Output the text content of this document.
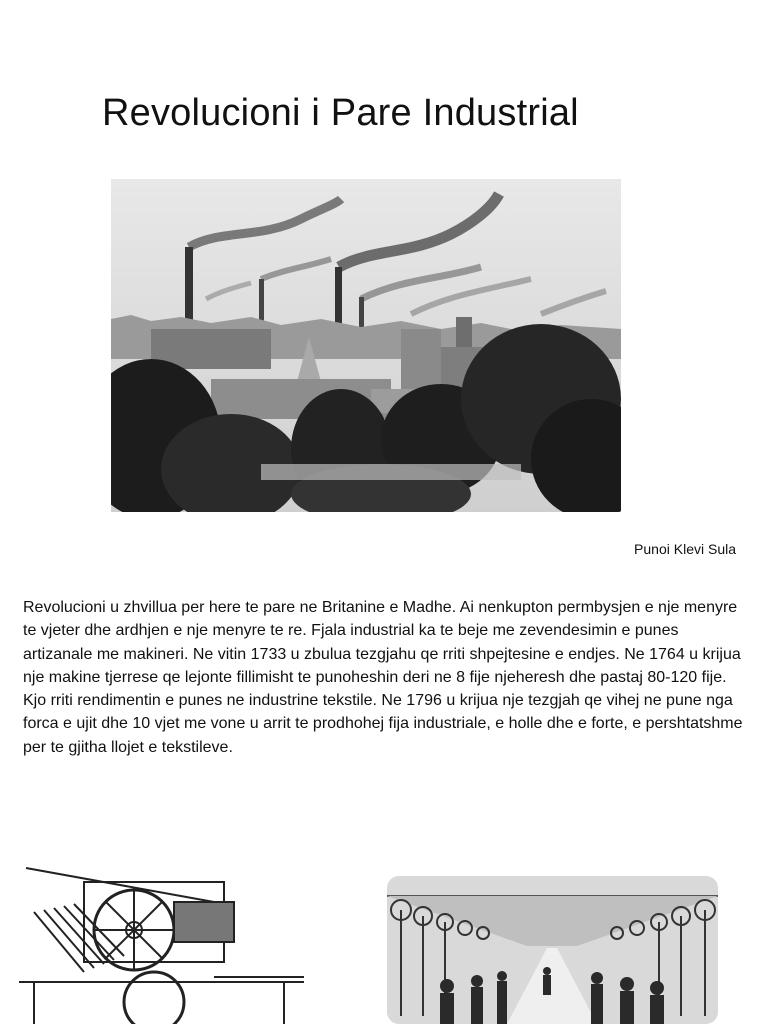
Revolucioni i Pare Industrial
Punoi Klevi Sula
Revolucioni u zhvillua per here te pare ne Britanine e Madhe. Ai nenkupton permbysjen e nje menyre te vjeter dhe ardhjen e nje menyre te re. Fjala industrial ka te beje me zevendesimin e punes artizanale me makineri. Ne vitin 1733 u zbulua tezgjahu qe rriti shpejtesine e endjes. Ne 1764 u krijua nje makine tjerrese qe lejonte fillimisht te punoheshin deri ne 8 fije njeheresh dhe pastaj 80-120 fije. Kjo rriti rendimentin e punes ne industrine tekstile. Ne 1796 u krijua nje tezgjah qe vihej ne pune nga forca e ujit dhe 10 vjet me vone u arrit te prodhohej fija industriale, e holle dhe e forte, e pershtatshme per te gjitha llojet e tekstileve.
